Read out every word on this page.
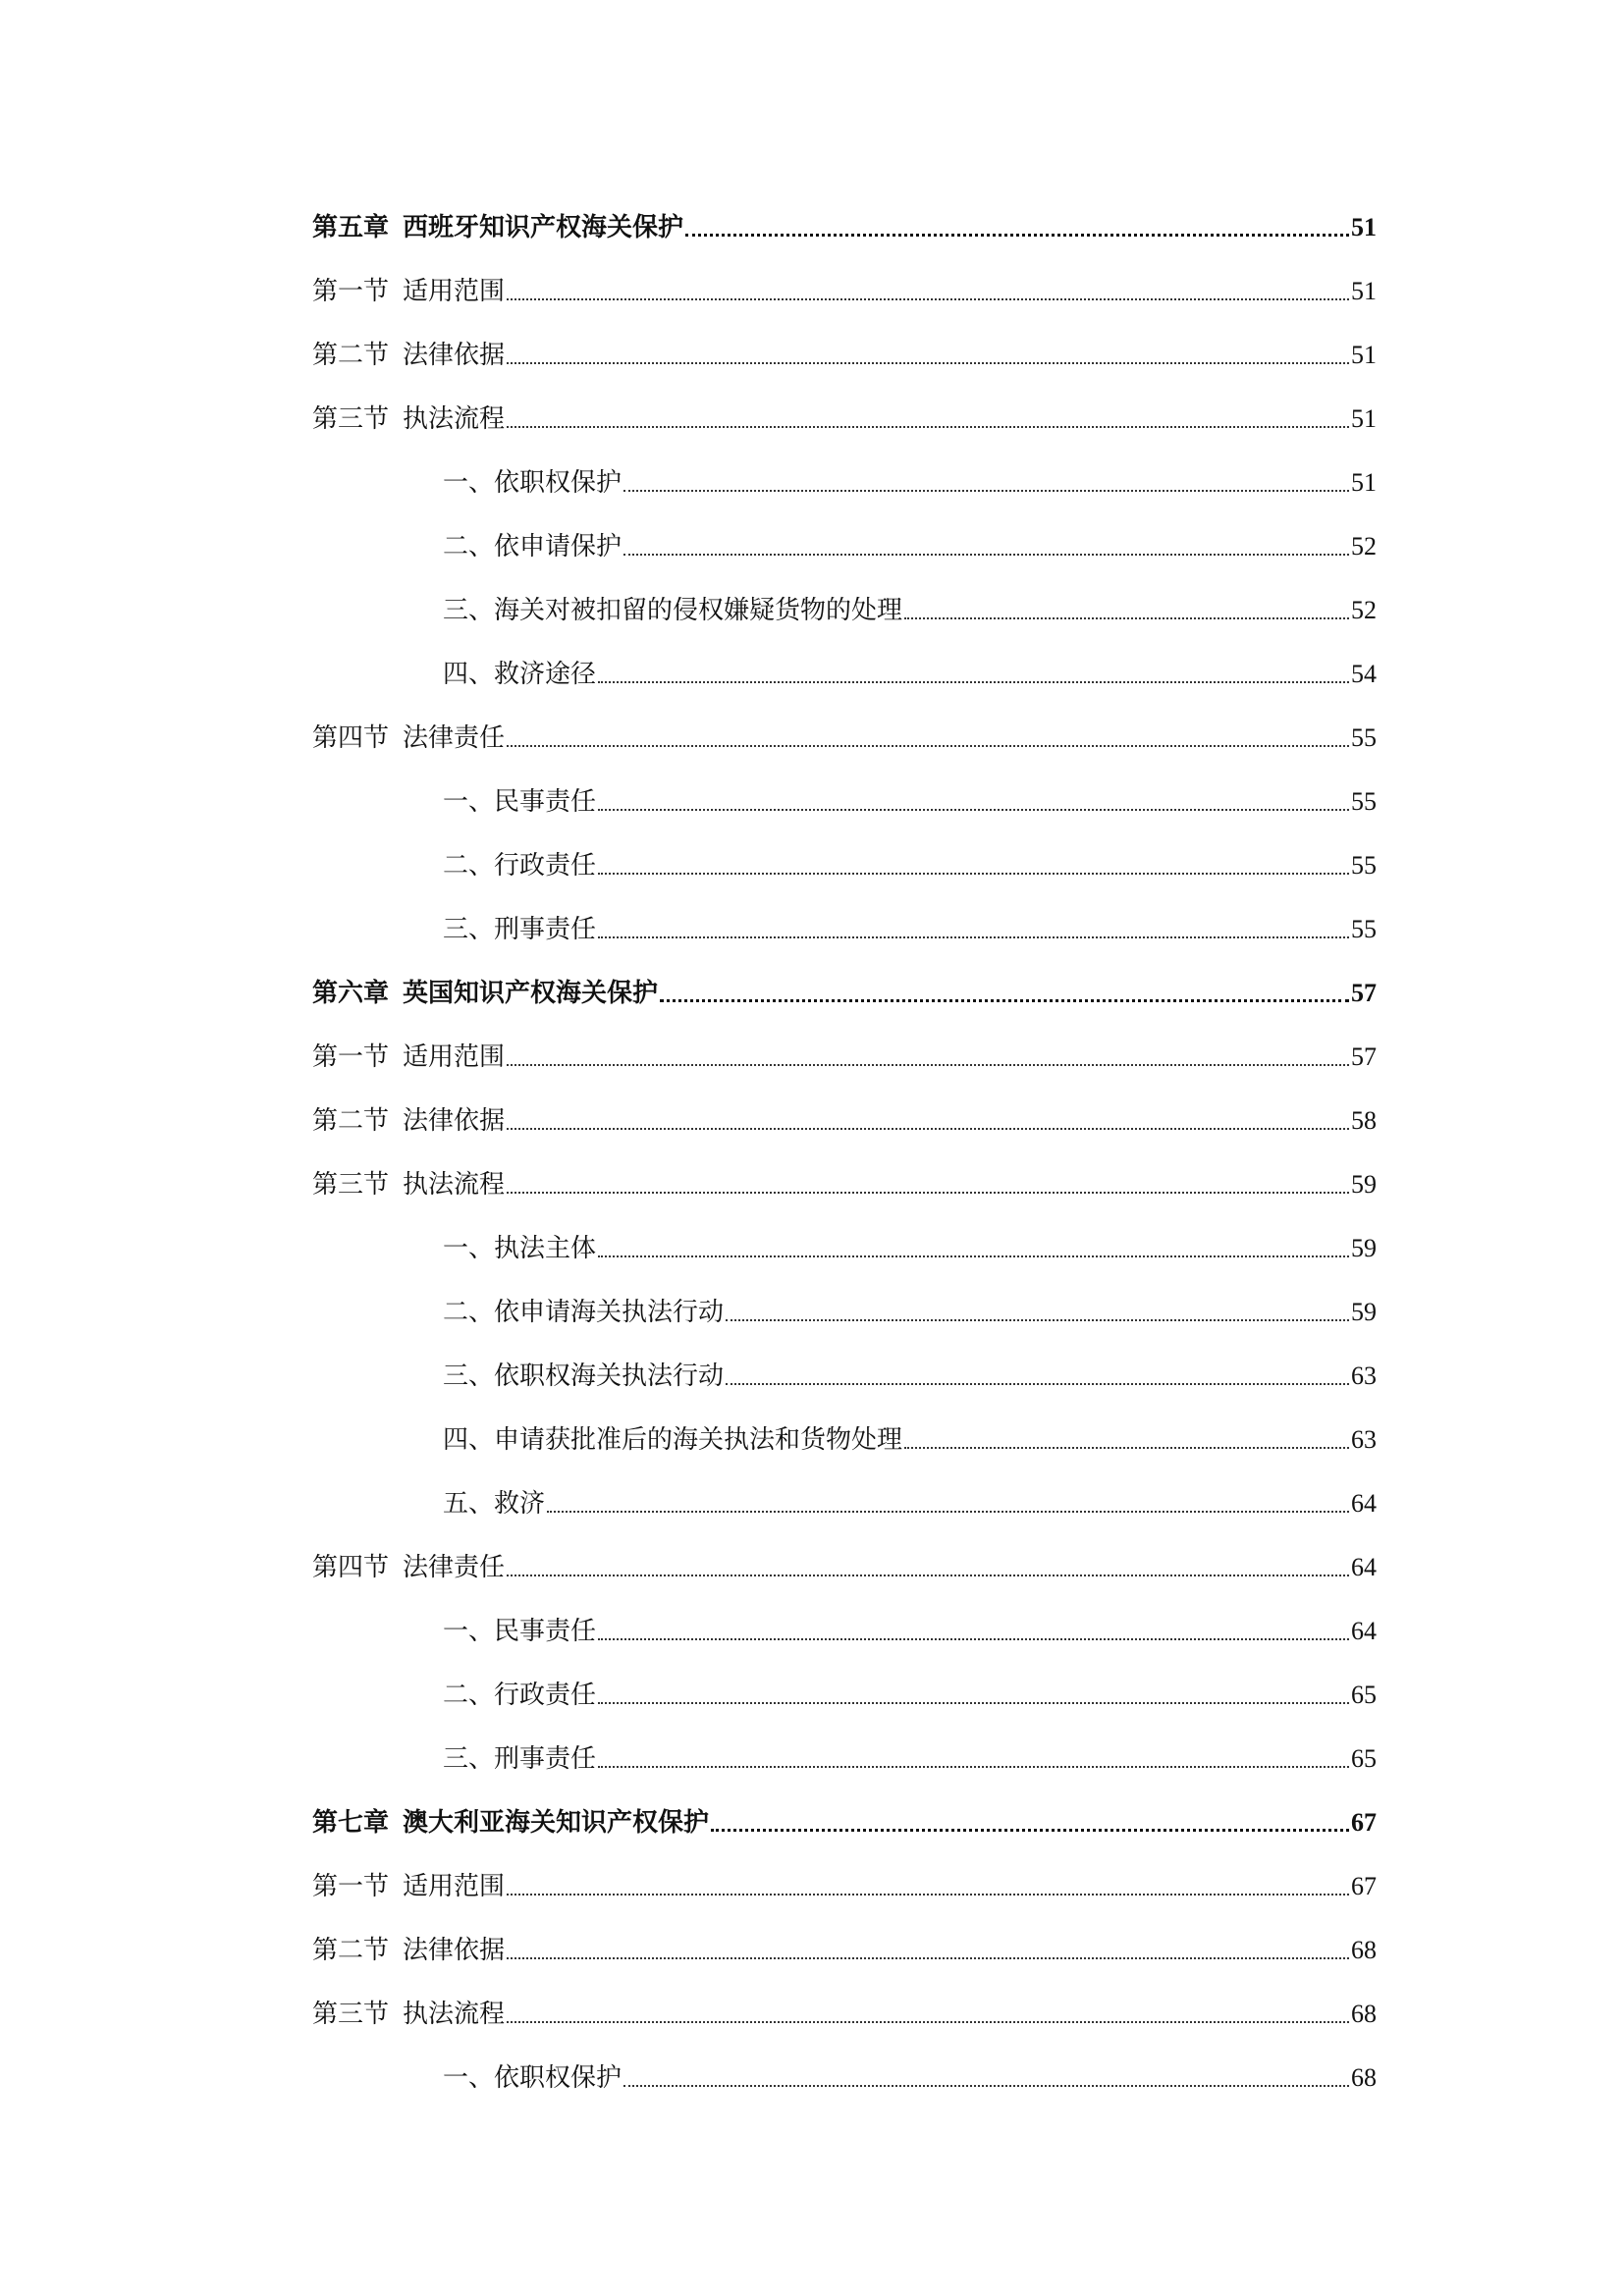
第五章 西班牙知识产权海关保护	51
第一节 适用范围	51
第二节 法律依据	51
第三节 执法流程	51
一、依职权保护	51
二、依申请保护	52
三、海关对被扣留的侵权嫌疑货物的处理	52
四、救济途径	54
第四节 法律责任	55
一、民事责任	55
二、行政责任	55
三、刑事责任	55
第六章 英国知识产权海关保护	57
第一节 适用范围	57
第二节 法律依据	58
第三节 执法流程	59
一、执法主体	59
二、依申请海关执法行动	59
三、依职权海关执法行动	63
四、申请获批准后的海关执法和货物处理	63
五、救济	64
第四节 法律责任	64
一、民事责任	64
二、行政责任	65
三、刑事责任	65
第七章 澳大利亚海关知识产权保护	67
第一节 适用范围	67
第二节 法律依据	68
第三节 执法流程	68
一、依职权保护	68
